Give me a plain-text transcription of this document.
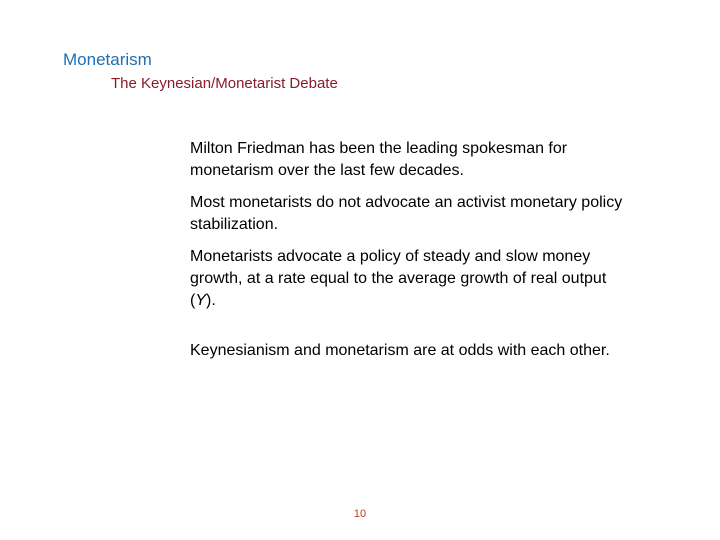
Monetarism
The Keynesian/Monetarist Debate

Milton Friedman has been the leading spokesman for monetarism over the last few decades.

Most monetarists do not advocate an activist monetary policy stabilization.

Monetarists advocate a policy of steady and slow money growth, at a rate equal to the average growth of real output (Y).

Keynesianism and monetarism are at odds with each other.

10
